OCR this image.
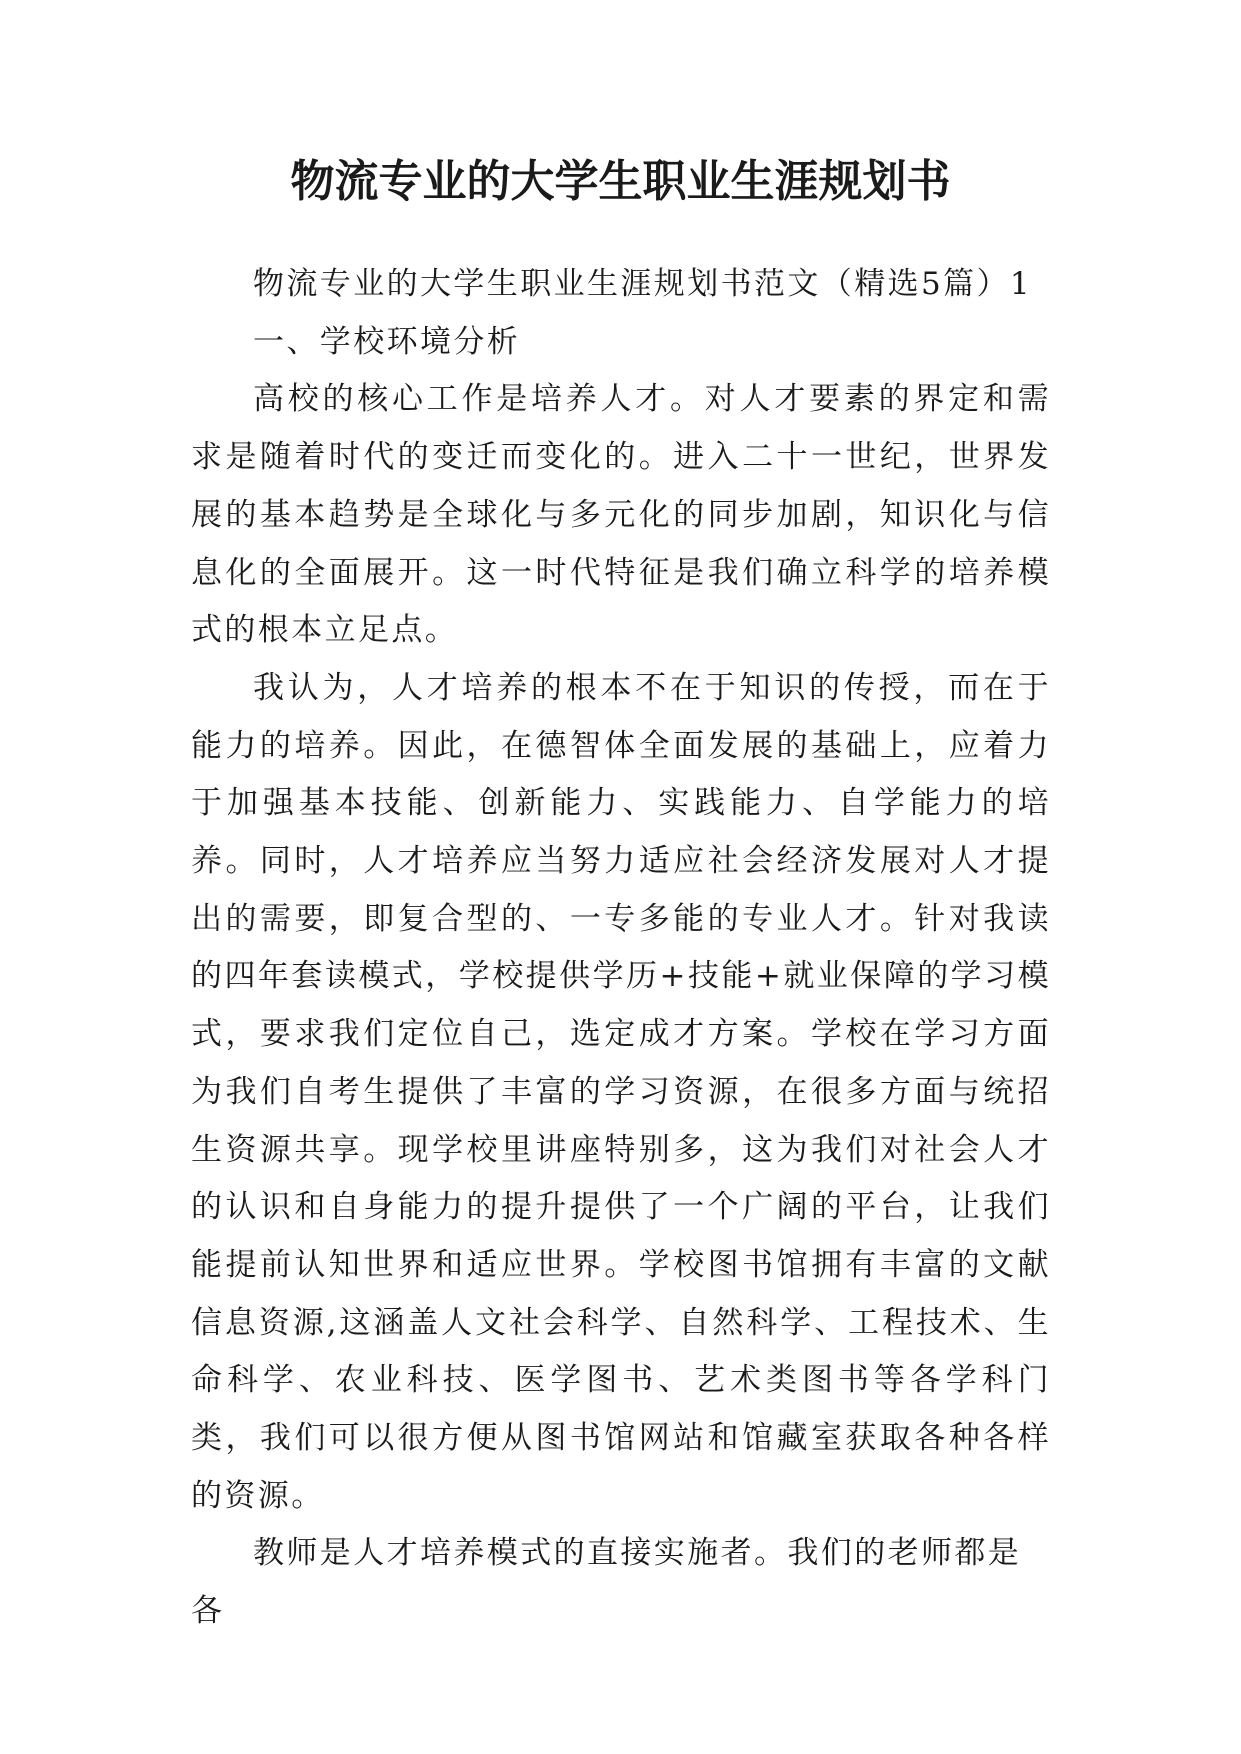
物流专业的大学生职业生涯规划书

物流专业的大学生职业生涯规划书范文（精选5篇）1

一、学校环境分析

高校的核心工作是培养人才。对人才要素的界定和需求是随着时代的变迁而变化的。进入二十一世纪，世界发展的基本趋势是全球化与多元化的同步加剧，知识化与信息化的全面展开。这一时代特征是我们确立科学的培养模式的根本立足点。

我认为，人才培养的根本不在于知识的传授，而在于能力的培养。因此，在德智体全面发展的基础上，应着力于加强基本技能、创新能力、实践能力、自学能力的培养。同时，人才培养应当努力适应社会经济发展对人才提出的需要，即复合型的、一专多能的专业人才。针对我读的四年套读模式，学校提供学历+技能+就业保障的学习模式，要求我们定位自己，选定成才方案。学校在学习方面为我们自考生提供了丰富的学习资源，在很多方面与统招生资源共享。现学校里讲座特别多，这为我们对社会人才的认识和自身能力的提升提供了一个广阔的平台，让我们能提前认知世界和适应世界。学校图书馆拥有丰富的文献信息资源,这涵盖人文社会科学、自然科学、工程技术、生命科学、农业科技、医学图书、艺术类图书等各学科门类，我们可以很方便从图书馆网站和馆藏室获取各种各样的资源。

教师是人才培养模式的直接实施者。我们的老师都是各
